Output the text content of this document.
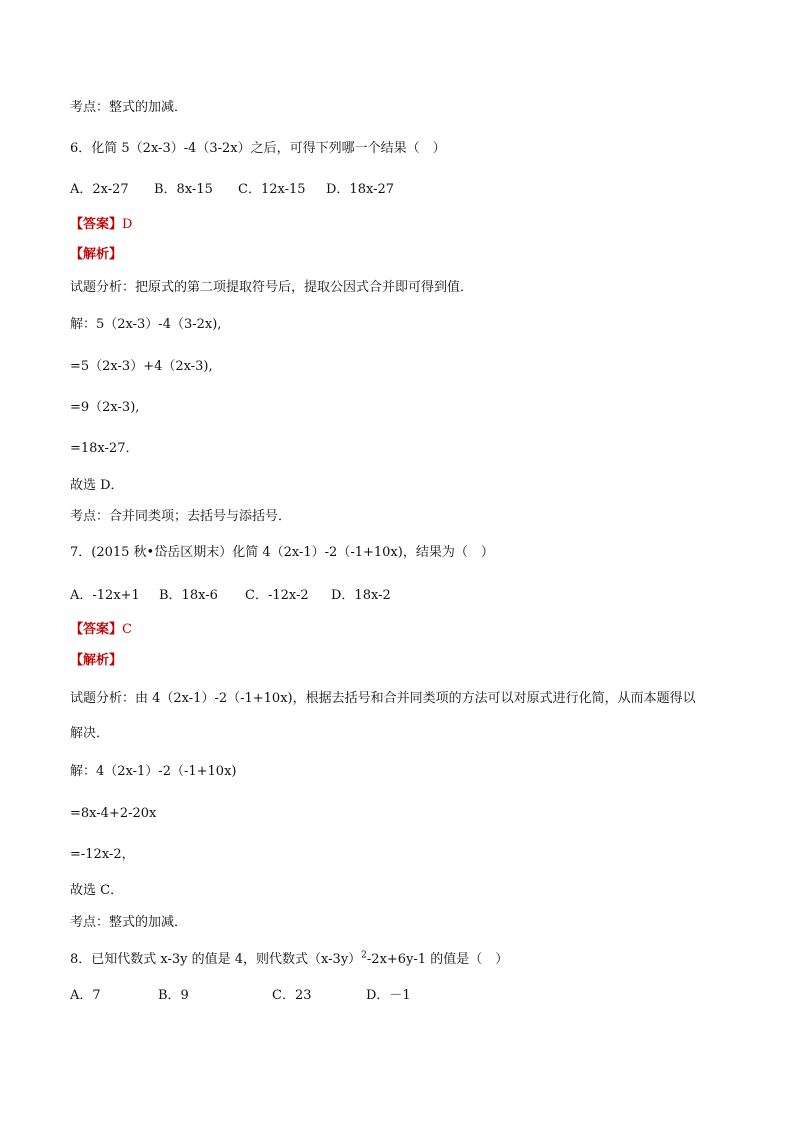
考点：整式的加减．
6．化简 5（2x-3）-4（3-2x）之后，可得下列哪一个结果（　）
A．2x-27 B．8x-15 C．12x-15 D．18x-27
【答案】D
【解析】
试题分析：把原式的第二项提取符号后，提取公因式合并即可得到值．
解：5（2x-3）-4（3-2x),
=5（2x-3）+4（2x-3),
=9（2x-3),
=18x-27．
故选 D．
考点：合并同类项；去括号与添括号．
7．(2015 秋•岱岳区期末）化简 4（2x-1）-2（-1+10x)，结果为（　）
A．-12x+1 B．18x-6 C．-12x-2 D．18x-2
【答案】C
【解析】
试题分析：由 4（2x-1）-2（-1+10x)，根据去括号和合并同类项的方法可以对原式进行化简，从而本题得以
解决．
解：4（2x-1）-2（-1+10x)
=8x-4+2-20x
=-12x-2，
故选 C．
考点：整式的加减．
8．已知代数式 x-3y 的值是 4，则代数式$(x-3y)^2-2x+6y-1$ 的值是（　）
A．7	B．9	C．23	D．－1
